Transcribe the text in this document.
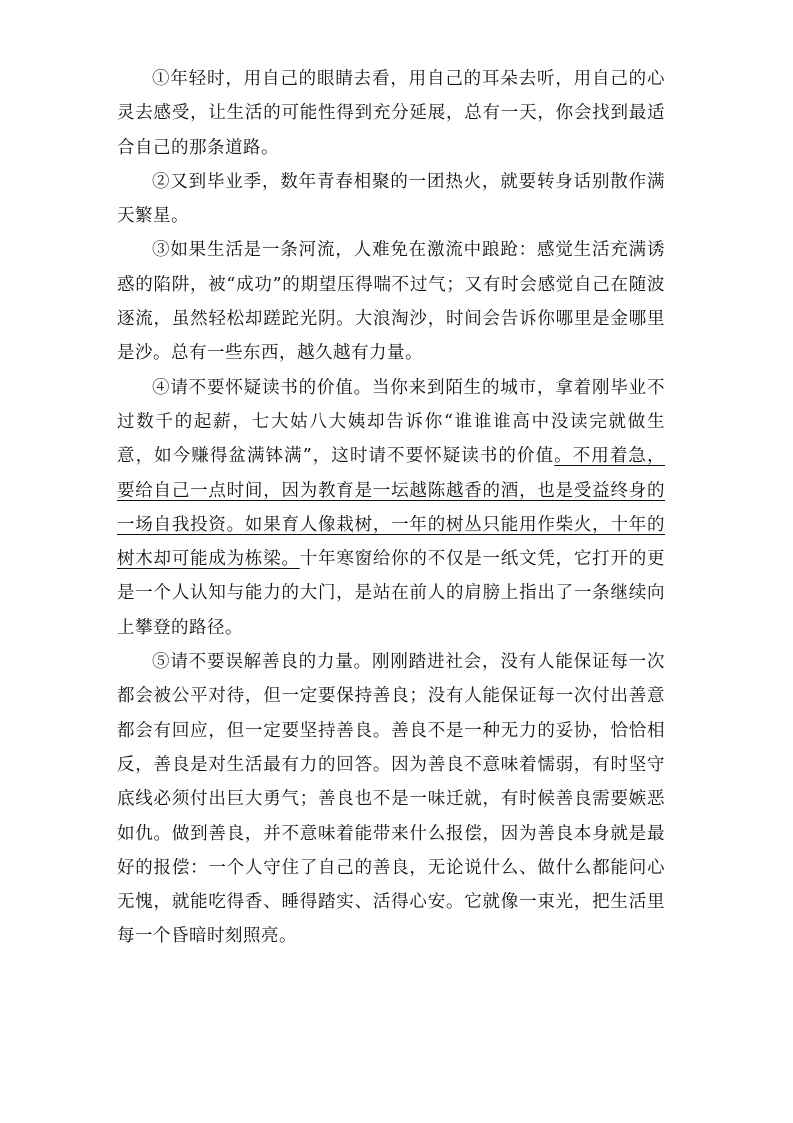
①年轻时，用自己的眼睛去看，用自己的耳朵去听，用自己的心灵去感受，让生活的可能性得到充分延展，总有一天，你会找到最适合自己的那条道路。

②又到毕业季，数年青春相聚的一团热火，就要转身话别散作满天繁星。

③如果生活是一条河流，人难免在激流中踉跄：感觉生活充满诱惑的陷阱，被“成功”的期望压得喘不过气；又有时会感觉自己在随波逐流，虽然轻松却蹉跎光阴。大浪淘沙，时间会告诉你哪里是金哪里是沙。总有一些东西，越久越有力量。

④请不要怀疑读书的价值。当你来到陌生的城市，拿着刚毕业不过数千的起薪，七大姑八大姨却告诉你“谁谁谁高中没读完就做生意，如今赚得盆满钵满”，这时请不要怀疑读书的价值。不用着急，要给自己一点时间，因为教育是一坛越陈越香的酒，也是受益终身的一场自我投资。如果育人像栽树，一年的树丛只能用作柴火，十年的树木却可能成为栋梁。十年寒窗给你的不仅是一纸文凭，它打开的更是一个人认知与能力的大门，是站在前人的肩膀上指出了一条继续向上攀登的路径。

⑤请不要误解善良的力量。刚刚踏进社会，没有人能保证每一次都会被公平对待，但一定要保持善良；没有人能保证每一次付出善意都会有回应，但一定要坚持善良。善良不是一种无力的妥协，恰恰相反，善良是对生活最有力的回答。因为善良不意味着懦弱，有时坚守底线必须付出巨大勇气；善良也不是一味迁就，有时候善良需要嫉恶如仇。做到善良，并不意味着能带来什么报偿，因为善良本身就是最好的报偿：一个人守住了自己的善良，无论说什么、做什么都能问心无愧，就能吃得香、睡得踏实、活得心安。它就像一束光，把生活里每一个昏暗时刻照亮。
